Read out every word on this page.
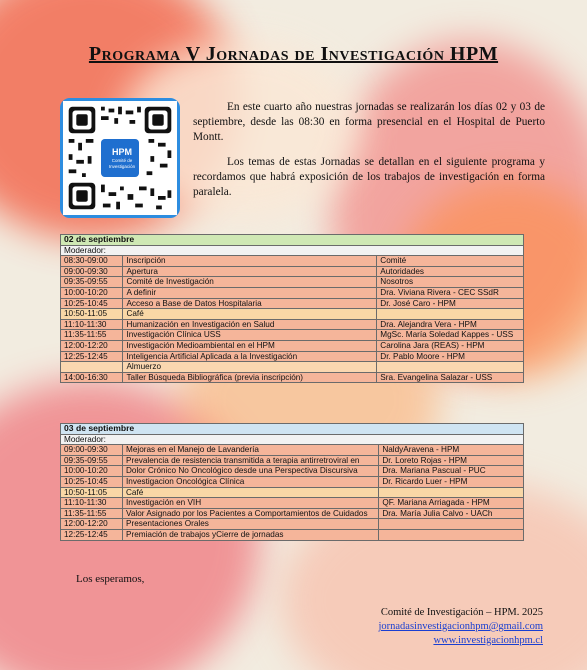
Programa V Jornadas de Investigación HPM
HPM
Comité de
Investigación

En este cuarto año nuestras jornadas se realizarán los días 02 y 03 de septiembre, desde las 08:30 en forma presencial en el Hospital de Puerto Montt.

Los temas de estas Jornadas se detallan en el siguiente programa y recordamos que habrá exposición de los trabajos de investigación en forma paralela.

02 de septiembre		
Moderador:		
08:30-09:00	Inscripción	Comité
09:00-09:30	Apertura	Autoridades
09:35-09:55	Comité de Investigación	Nosotros
10:00-10:20	A definir	Dra. Viviana Rivera - CEC SSdR
10:25-10:45	Acceso a Base de Datos Hospitalaria	Dr. José Caro - HPM
10:50-11:05	Café	
11:10-11:30	Humanización en Investigación en Salud	Dra. Alejandra Vera - HPM
11:35-11:55	Investigación Clínica USS	MgSc. María Soledad Kappes - USS
12:00-12:20	Investigación Medioambiental en el HPM	Carolina Jara (REAS) - HPM
12:25-12:45	Inteligencia Artificial Aplicada a la Investigación	Dr. Pablo Moore - HPM
	Almuerzo	
14:00-16:30	Taller Búsqueda Bibliográfica (previa inscripción)	Sra. Evangelina Salazar - USS
03 de septiembre		
Moderador:		
09:00-09:30	Mejoras en el Manejo de Lavandería	NaldyAravena - HPM
09:35-09:55	Prevalencia de resistencia transmitida a terapia antirretroviral en	Dr. Loreto Rojas - HPM
10:00-10:20	Dolor Crónico No Oncológico desde una Perspectiva Discursiva	Dra. Mariana Pascual - PUC
10:25-10:45	Investigacion Oncológica Clínica	Dr. Ricardo Luer - HPM
10:50-11:05	Café	
11:10-11:30	Investigación en VIH	QF. Mariana Arriagada - HPM
11:35-11:55	Valor Asignado por los Pacientes a Comportamientos de Cuidados	Dra. María Julia Calvo - UACh
12:00-12:20	Presentaciones Orales	
12:25-12:45	Premiación de trabajos yCierre de jornadas	
Los esperamos,
Comité de Investigación – HPM. 2025
jornadasinvestigacionhpm@gmail.com
www.investigacionhpm.cl
